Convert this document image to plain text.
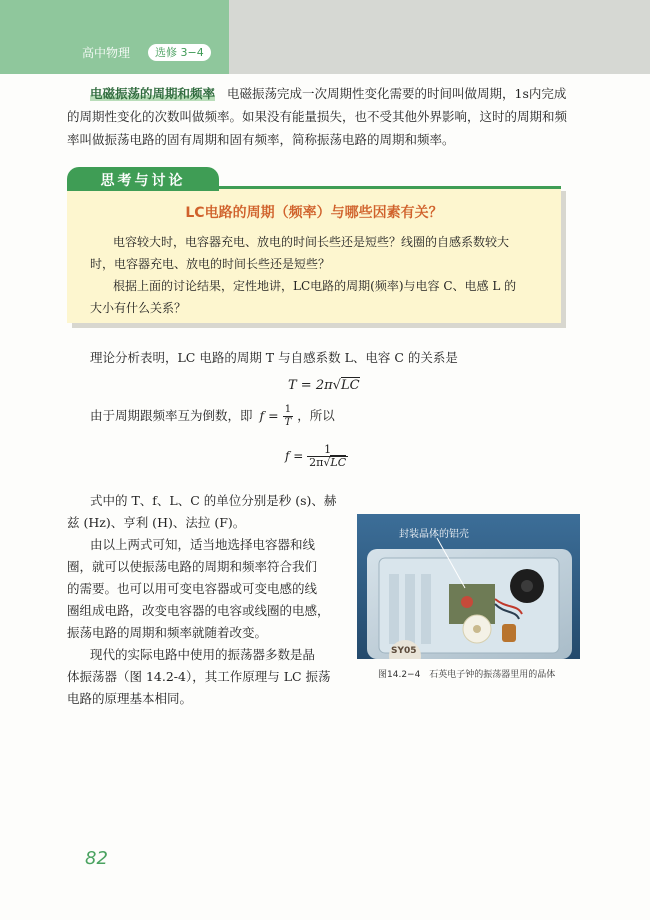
高中物理	选修 3−4

电磁振荡的周期和频率 电磁振荡完成一次周期性变化需要的时间叫做周期，1s内完成

的周期性变化的次数叫做频率。如果没有能量损失，也不受其他外界影响，这时的周期和频

率叫做振荡电路的固有周期和固有频率，简称振荡电路的周期和频率。

思考与讨论
LC电路的周期（频率）与哪些因素有关？

电容较大时，电容器充电、放电的时间长些还是短些？线圈的自感系数较大

时，电容器充电、放电的时间长些还是短些？

根据上面的讨论结果，定性地讲，LC电路的周期(频率)与电容 C、电感 L 的

大小有什么关系？

理论分析表明，LC 电路的周期 T 与自感系数 L、电容 C 的关系是

T = 2π√LC
由于周期跟频率互为倒数，即 $f = \frac{1}{T}$ ，所以
$f = \frac{1}{2\pi√LC}$

式中的 T、f、L、C 的单位分别是秒 (s)、赫

兹 (Hz)、亨利 (H)、法拉 (F)。

由以上两式可知，适当地选择电容器和线

圈，就可以使振荡电路的周期和频率符合我们

的需要。也可以用可变电容器或可变电感的线

圈组成电路，改变电容器的电容或线圈的电感，

振荡电路的周期和频率就随着改变。

现代的实际电路中使用的振荡器多数是晶

体振荡器（图 14.2-4），其工作原理与 LC 振荡

电路的原理基本相同。

封装晶体的铝壳
SY05
图14.2−4　石英电子钟的振荡器里用的晶体
82
